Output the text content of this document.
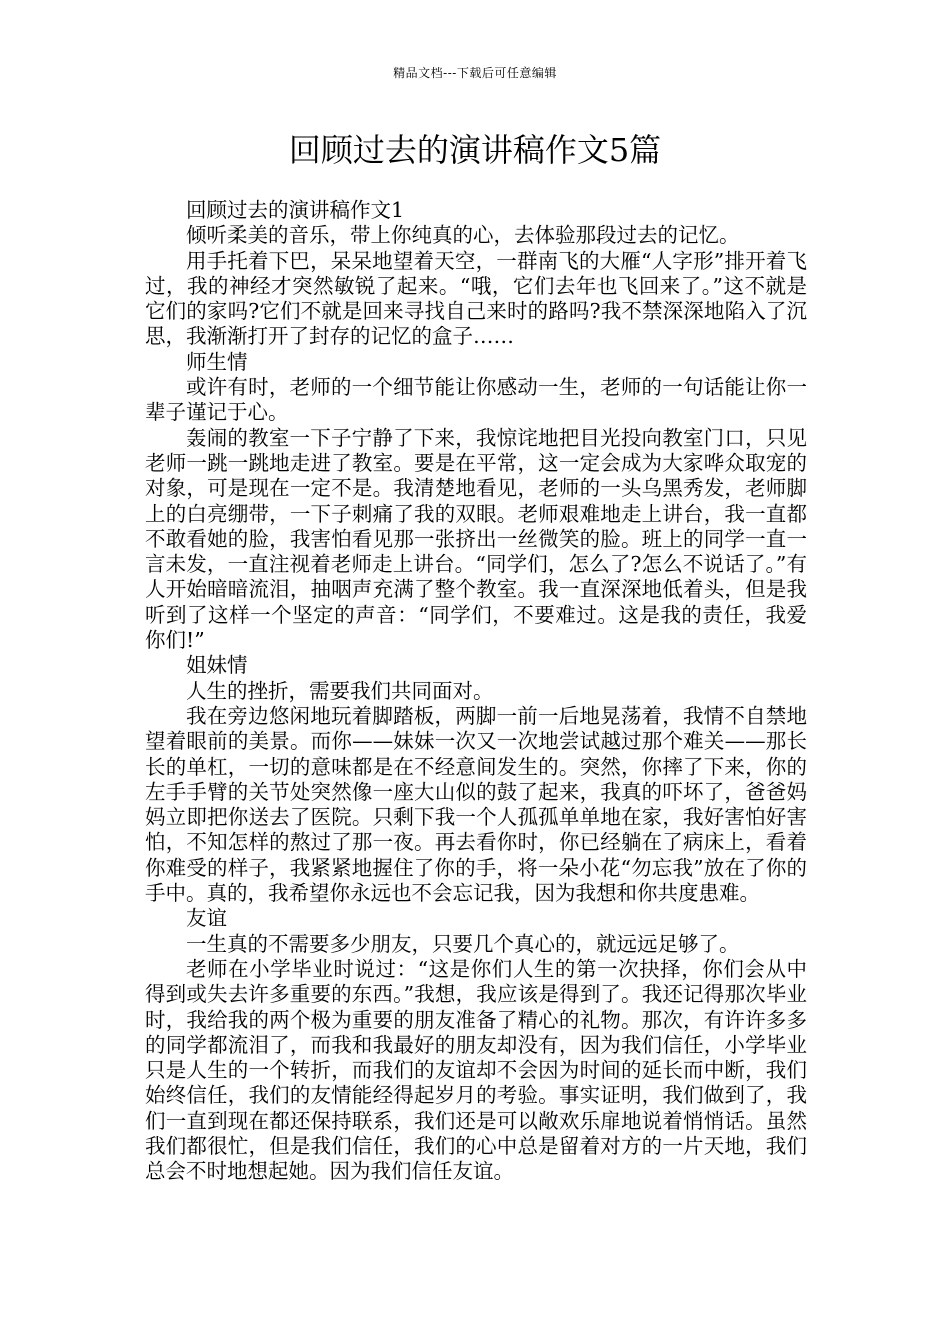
精品文档---下载后可任意编辑
回顾过去的演讲稿作文5篇

回顾过去的演讲稿作文1

倾听柔美的音乐，带上你纯真的心，去体验那段过去的记忆。

用手托着下巴，呆呆地望着天空，一群南飞的大雁“人字形”排开着飞过，我的神经才突然敏锐了起来。“哦，它们去年也飞回来了。”这不就是它们的家吗?它们不就是回来寻找自己来时的路吗?我不禁深深地陷入了沉思，我渐渐打开了封存的记忆的盒子……

师生情

或许有时，老师的一个细节能让你感动一生，老师的一句话能让你一辈子谨记于心。

轰闹的教室一下子宁静了下来，我惊诧地把目光投向教室门口，只见老师一跳一跳地走进了教室。要是在平常，这一定会成为大家哗众取宠的对象，可是现在一定不是。我清楚地看见，老师的一头乌黑秀发，老师脚上的白亮绷带，一下子刺痛了我的双眼。老师艰难地走上讲台，我一直都不敢看她的脸，我害怕看见那一张挤出一丝微笑的脸。班上的同学一直一言未发，一直注视着老师走上讲台。“同学们，怎么了?怎么不说话了。”有人开始暗暗流泪，抽咽声充满了整个教室。我一直深深地低着头，但是我听到了这样一个坚定的声音：“同学们，不要难过。这是我的责任，我爱你们!”

姐妹情

人生的挫折，需要我们共同面对。

我在旁边悠闲地玩着脚踏板，两脚一前一后地晃荡着，我情不自禁地望着眼前的美景。而你——妹妹一次又一次地尝试越过那个难关——那长长的单杠，一切的意味都是在不经意间发生的。突然，你摔了下来，你的左手手臂的关节处突然像一座大山似的鼓了起来，我真的吓坏了，爸爸妈妈立即把你送去了医院。只剩下我一个人孤孤单单地在家，我好害怕好害怕，不知怎样的熬过了那一夜。再去看你时，你已经躺在了病床上，看着你难受的样子，我紧紧地握住了你的手，将一朵小花“勿忘我”放在了你的手中。真的，我希望你永远也不会忘记我，因为我想和你共度患难。

友谊

一生真的不需要多少朋友，只要几个真心的，就远远足够了。

老师在小学毕业时说过：“这是你们人生的第一次抉择，你们会从中得到或失去许多重要的东西。”我想，我应该是得到了。我还记得那次毕业时，我给我的两个极为重要的朋友准备了精心的礼物。那次，有许许多多的同学都流泪了，而我和我最好的朋友却没有，因为我们信任，小学毕业只是人生的一个转折，而我们的友谊却不会因为时间的延长而中断，我们始终信任，我们的友情能经得起岁月的考验。事实证明，我们做到了，我们一直到现在都还保持联系，我们还是可以敞欢乐扉地说着悄悄话。虽然我们都很忙，但是我们信任，我们的心中总是留着对方的一片天地，我们总会不时地想起她。因为我们信任友谊。
